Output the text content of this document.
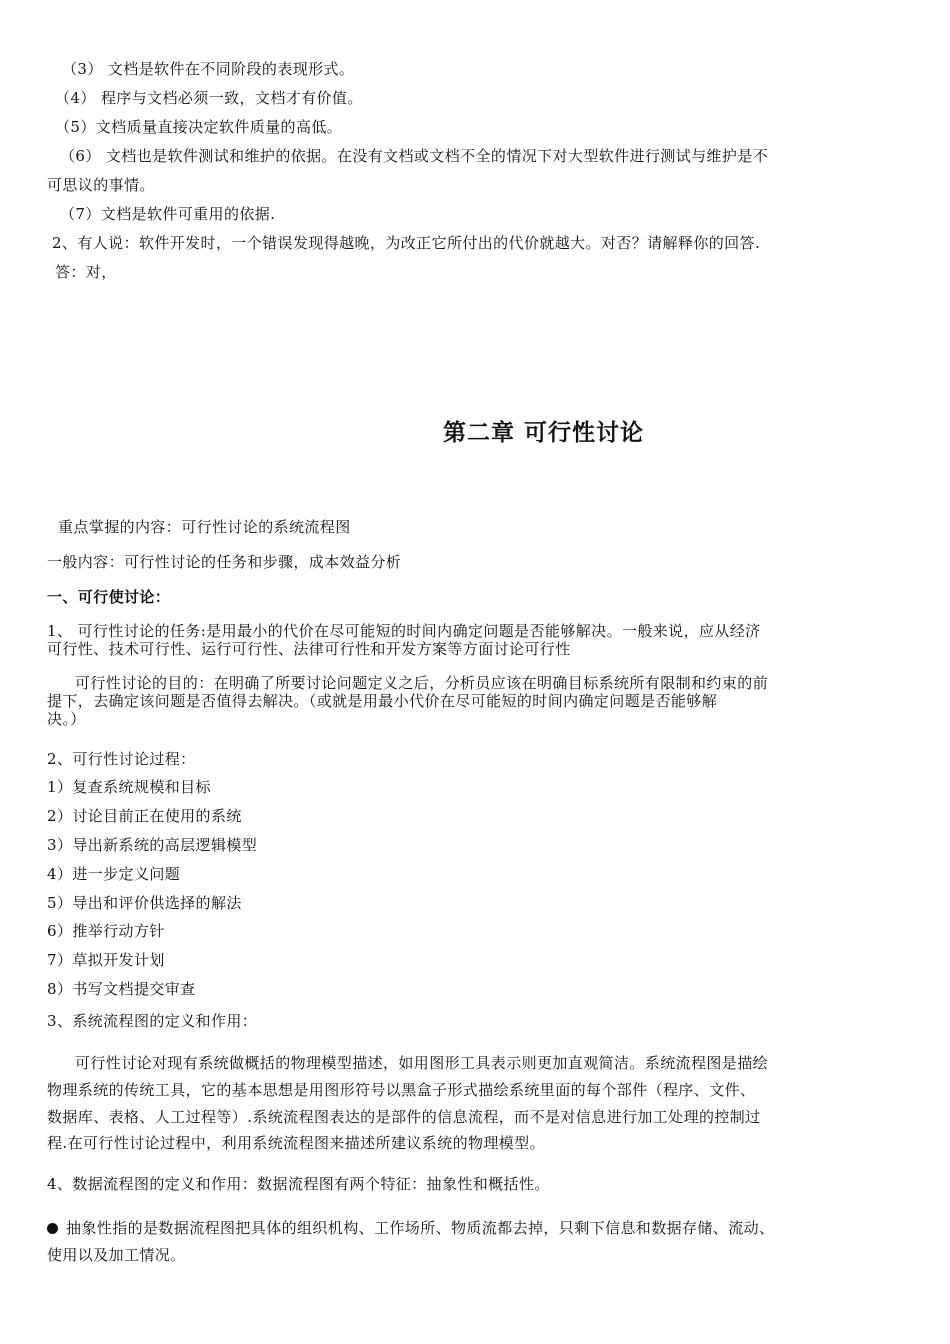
（3） 文档是软件在不同阶段的表现形式。
（4） 程序与文档必须一致，文档才有价值。
（5）文档质量直接决定软件质量的高低。
（6） 文档也是软件测试和维护的依据。在没有文档或文档不全的情况下对大型软件进行测试与维护是不
可思议的事情。
（7）文档是软件可重用的依据.
2、有人说：软件开发时，一个错误发现得越晚，为改正它所付出的代价就越大。对否？请解释你的回答.
答：对，
第二章 可行性讨论
重点掌握的内容：可行性讨论的系统流程图
一般内容：可行性讨论的任务和步骤，成本效益分析
一、可行使讨论：
1、 可行性讨论的任务:是用最小的代价在尽可能短的时间内确定问题是否能够解决。一般来说，应从经济
可行性、技术可行性、运行可行性、法律可行性和开发方案等方面讨论可行性
可行性讨论的目的：在明确了所要讨论问题定义之后，分析员应该在明确目标系统所有限制和约束的前
提下，去确定该问题是否值得去解决。（或就是用最小代价在尽可能短的时间内确定问题是否能够解
决。）
2、可行性讨论过程：
1）复查系统规模和目标
2）讨论目前正在使用的系统
3）导出新系统的高层逻辑模型
4）进一步定义问题
5）导出和评价供选择的解法
6）推举行动方针
7）草拟开发计划
8）书写文档提交审查
3、系统流程图的定义和作用：
可行性讨论对现有系统做概括的物理模型描述，如用图形工具表示则更加直观简洁。系统流程图是描绘
物理系统的传统工具，它的基本思想是用图形符号以黑盒子形式描绘系统里面的每个部件（程序、文件、
数据库、表格、人工过程等）.系统流程图表达的是部件的信息流程，而不是对信息进行加工处理的控制过
程.在可行性讨论过程中，利用系统流程图来描述所建议系统的物理模型。
4、数据流程图的定义和作用：数据流程图有两个特征：抽象性和概括性。
抽象性指的是数据流程图把具体的组织机构、工作场所、物质流都去掉，只剩下信息和数据存储、流动、
使用以及加工情况。
